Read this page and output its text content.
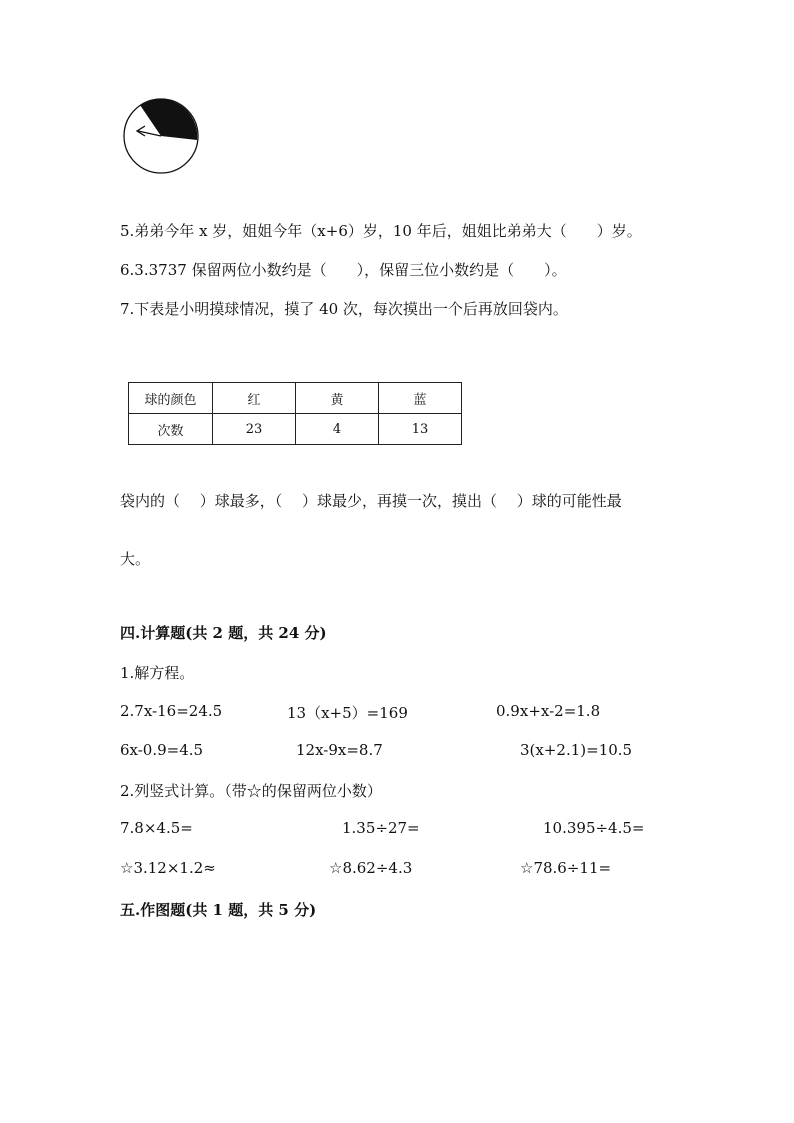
5.弟弟今年 x 岁，姐姐今年（x+6）岁，10 年后，姐姐比弟弟大（　　）岁。
6.3.3737 保留两位小数约是（　　），保留三位小数约是（　　）。
7.下表是小明摸球情况，摸了 40 次，每次摸出一个后再放回袋内。
球的颜色	红	黄	蓝
次数	23	4	13
袋内的（　 ）球最多，（　 ）球最少，再摸一次，摸出（　 ）球的可能性最
大。
四.计算题(共 2 题，共 24 分)
1.解方程。
2.7x-16=24.5	13（x+5）=169	0.9x+x-2=1.8
6x-0.9=4.5	12x-9x=8.7	3(x+2.1)=10.5
2.列竖式计算。（带☆的保留两位小数）
7.8×4.5=	1.35÷27=	10.395÷4.5=
☆3.12×1.2≈	☆8.62÷4.3	☆78.6÷11=
五.作图题(共 1 题，共 5 分)
